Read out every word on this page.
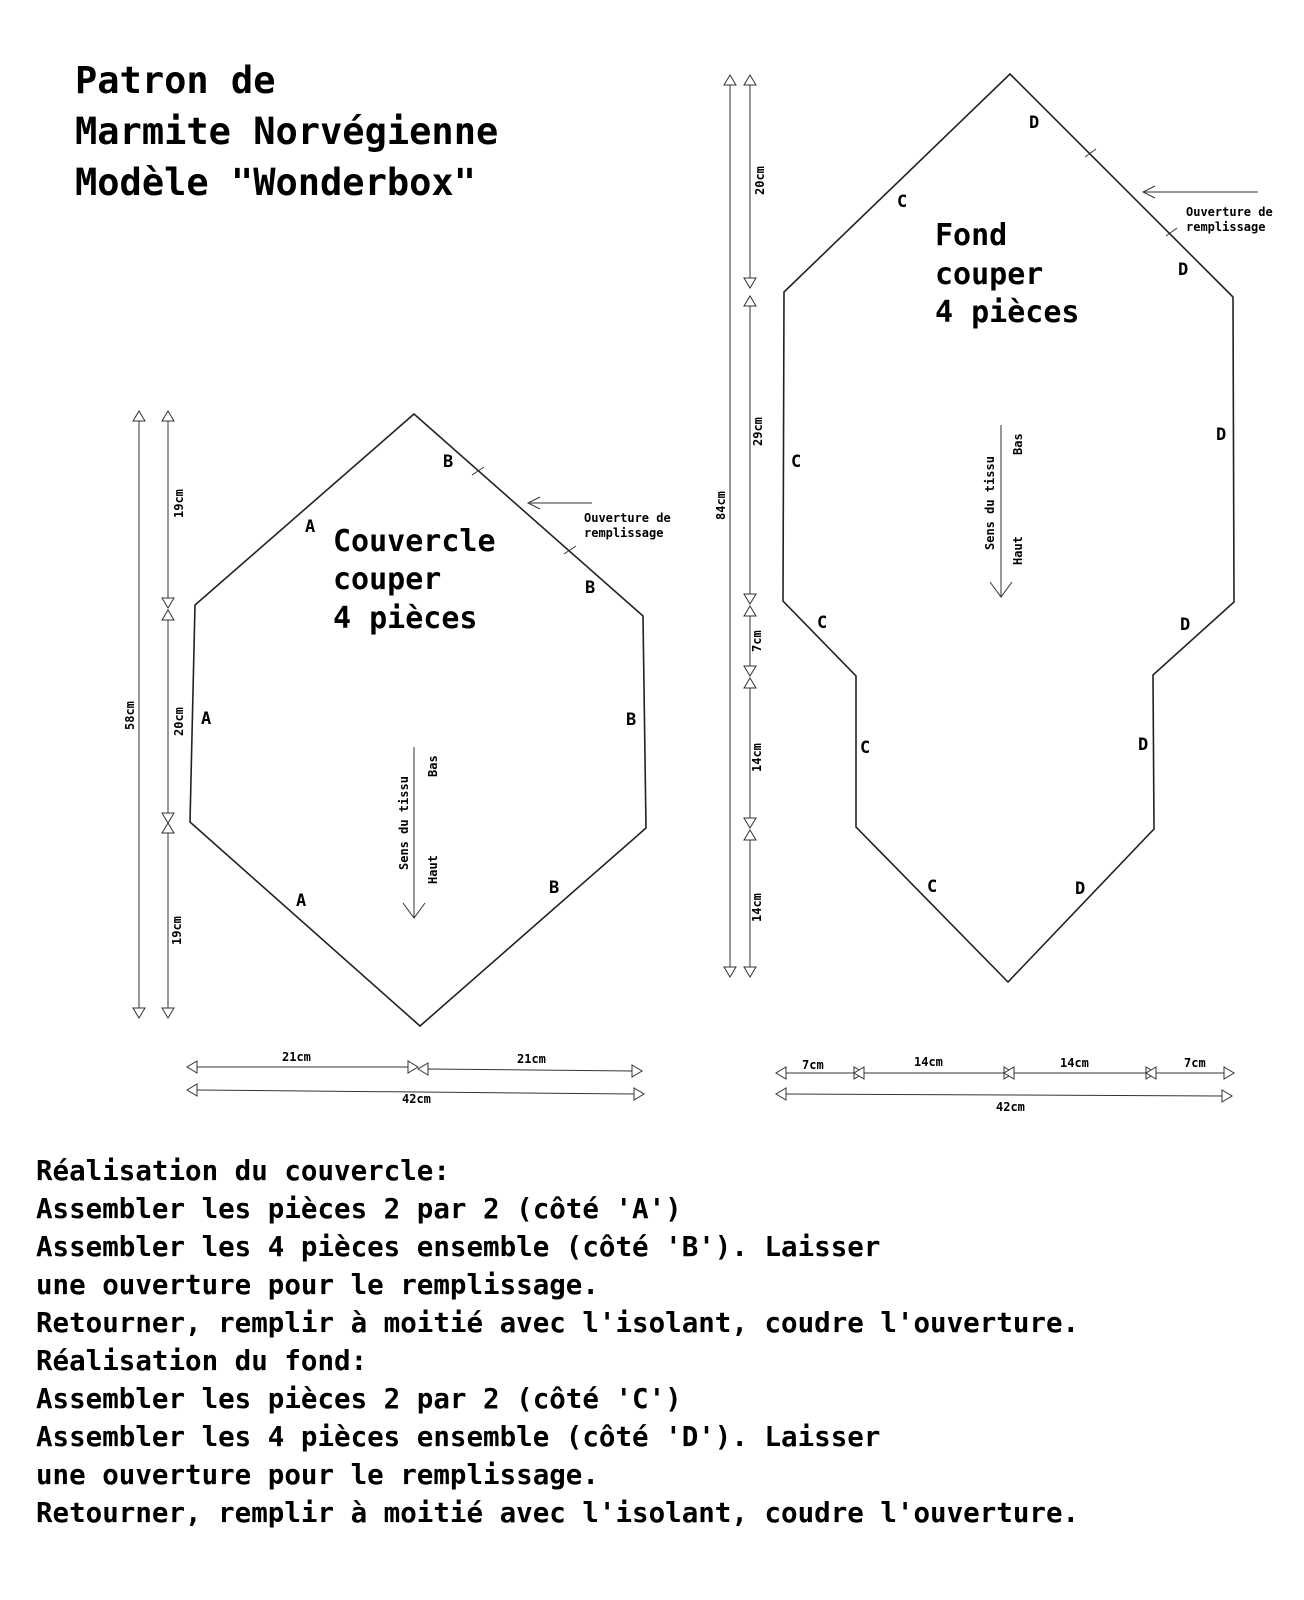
Patron de
Marmite Norvégienne
Modèle "Wonderbox"
Ouverture de
remplissage
Couvercle
couper
4 pièces
A
A
A
B
B
B
B
Sens du tissu
Bas
Haut
58cm
19cm
20cm
19cm
21cm	21cm
42cm
Ouverture de
remplissage
Fond
couper
4 pièces
C
C
C
C
C
D
D
D
D
D
D
Sens du tissu
Bas
Haut
84cm
20cm
29cm
7cm
14cm
14cm
7cm	14cm	14cm	7cm
42cm
Réalisation du couvercle:
Assembler les pièces 2 par 2 (côté 'A')
Assembler les 4 pièces ensemble (côté 'B'). Laisser
une ouverture pour le remplissage.
Retourner, remplir à moitié avec l'isolant, coudre l'ouverture.
Réalisation du fond:
Assembler les pièces 2 par 2 (côté 'C')
Assembler les 4 pièces ensemble (côté 'D'). Laisser
une ouverture pour le remplissage.
Retourner, remplir à moitié avec l'isolant, coudre l'ouverture.
